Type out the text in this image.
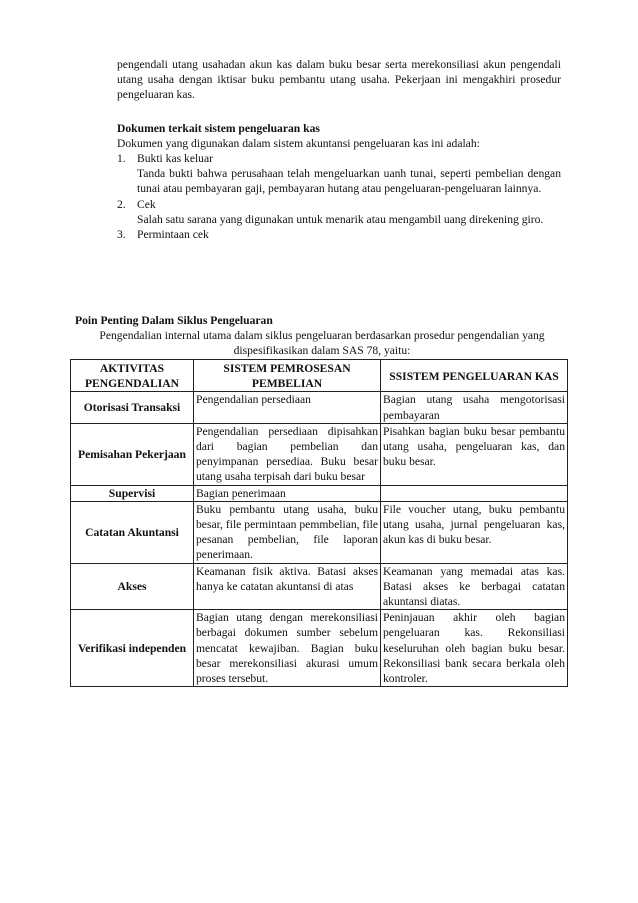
pengendali utang usahadan akun kas dalam buku besar serta merekonsiliasi akun pengendali utang usaha dengan iktisar buku pembantu utang usaha. Pekerjaan ini mengakhiri prosedur pengeluaran kas.

Dokumen terkait sistem pengeluaran kas

Dokumen yang digunakan dalam sistem akuntansi pengeluaran kas ini adalah:

1. Bukti kas keluar

Tanda bukti bahwa perusahaan telah mengeluarkan uanh tunai, seperti pembelian dengan tunai atau pembayaran gaji, pembayaran hutang atau pengeluaran-pengeluaran lainnya.

2. Cek

Salah satu sarana yang digunakan untuk menarik atau mengambil uang direkening giro.

3. Permintaan cek

Poin Penting Dalam Siklus Pengeluaran

Pengendalian internal utama dalam siklus pengeluaran berdasarkan prosedur pengendalian yang dispesifikasikan dalam SAS 78, yaitu:

AKTIVITAS PENGENDALIAN	SISTEM PEMROSESAN PEMBELIAN	SSISTEM PENGELUARAN KAS
Otorisasi Transaksi	Pengendalian persediaan	Bagian utang usaha mengotorisasi pembayaran
Pemisahan Pekerjaan	Pengendalian persediaan dipisahkan dari bagian pembelian dan penyimpanan persediaa. Buku besar utang usaha terpisah dari buku besar	Pisahkan bagian buku besar pembantu utang usaha, pengeluaran kas, dan buku besar.
Supervisi	Bagian penerimaan	
Catatan Akuntansi	Buku pembantu utang usaha, buku besar, file permintaan pemmbelian, file pesanan pembelian, file laporan penerimaan.	File voucher utang, buku pembantu utang usaha, jurnal pengeluaran kas, akun kas di buku besar.
Akses	Keamanan fisik aktiva. Batasi akses hanya ke catatan akuntansi di atas	Keamanan yang memadai atas kas. Batasi akses ke berbagai catatan akuntansi diatas.
Verifikasi independen	Bagian utang dengan merekonsiliasi berbagai dokumen sumber sebelum mencatat kewajiban. Bagian buku besar merekonsiliasi akurasi umum proses tersebut.	Peninjauan akhir oleh bagian pengeluaran kas. Rekonsiliasi keseluruhan oleh bagian buku besar. Rekonsiliasi bank secara berkala oleh kontroler.
